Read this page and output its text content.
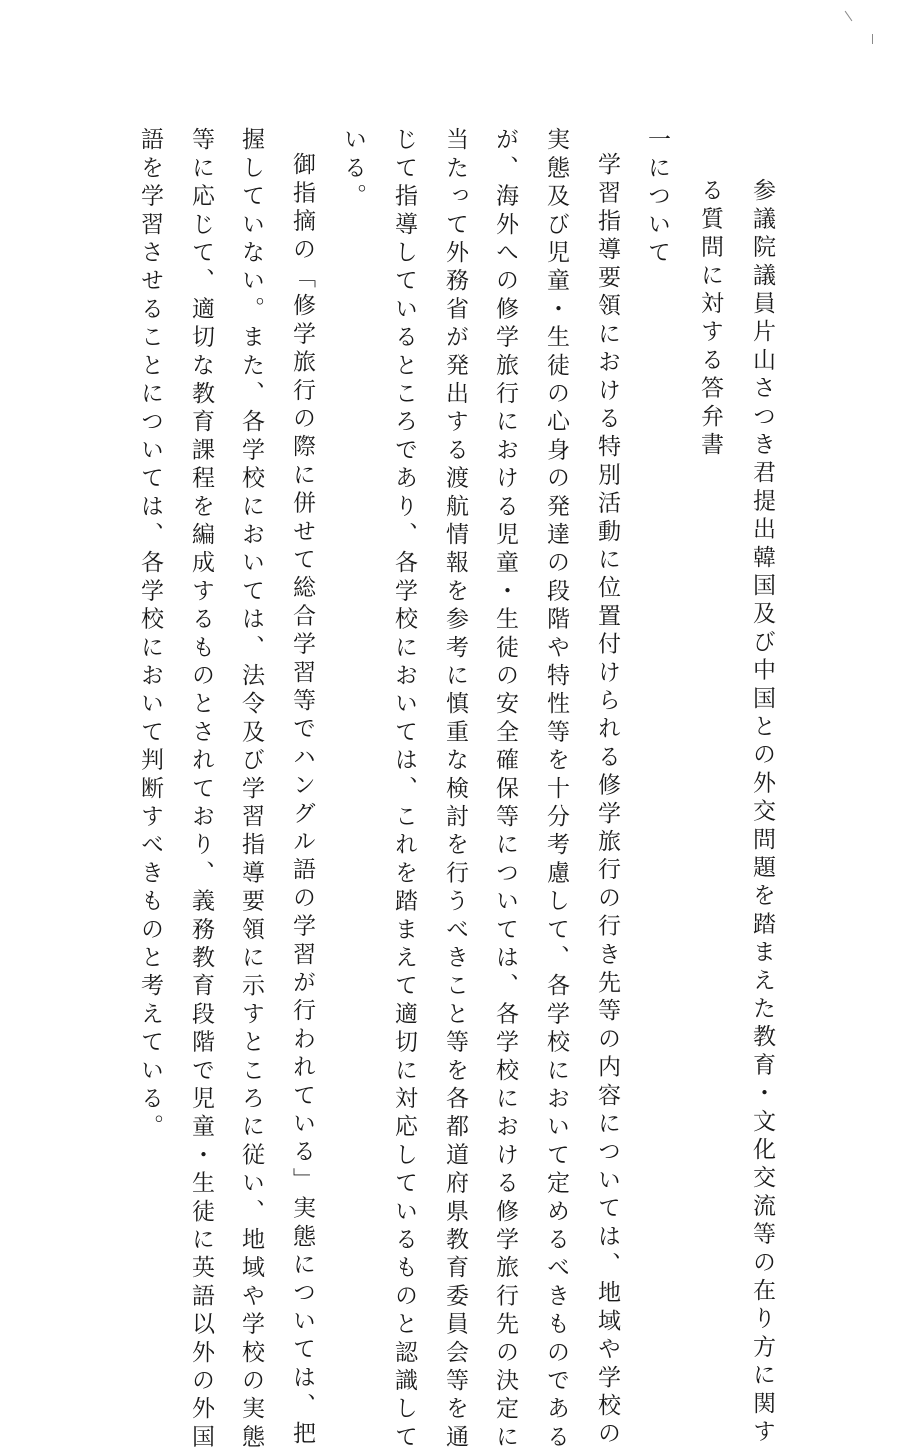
参議院議員片山さつき君提出韓国及び中国との外交問題を踏まえた教育・文化交流等の在り方に関す
る質問に対する答弁書
一について
学習指導要領における特別活動に位置付けられる修学旅行の行き先等の内容については、地域や学校の
実態及び児童・生徒の心身の発達の段階や特性等を十分考慮して、各学校において定めるべきものである
が、海外への修学旅行における児童・生徒の安全確保等については、各学校における修学旅行先の決定に
当たって外務省が発出する渡航情報を参考に慎重な検討を行うべきこと等を各都道府県教育委員会等を通
じて指導しているところであり、各学校においては、これを踏まえて適切に対応しているものと認識して
いる。
御指摘の「修学旅行の際に併せて総合学習等でハングル語の学習が行われている」実態については、把
握していない。また、各学校においては、法令及び学習指導要領に示すところに従い、地域や学校の実態
等に応じて、適切な教育課程を編成するものとされており、義務教育段階で児童・生徒に英語以外の外国
語を学習させることについては、各学校において判断すべきものと考えている。
